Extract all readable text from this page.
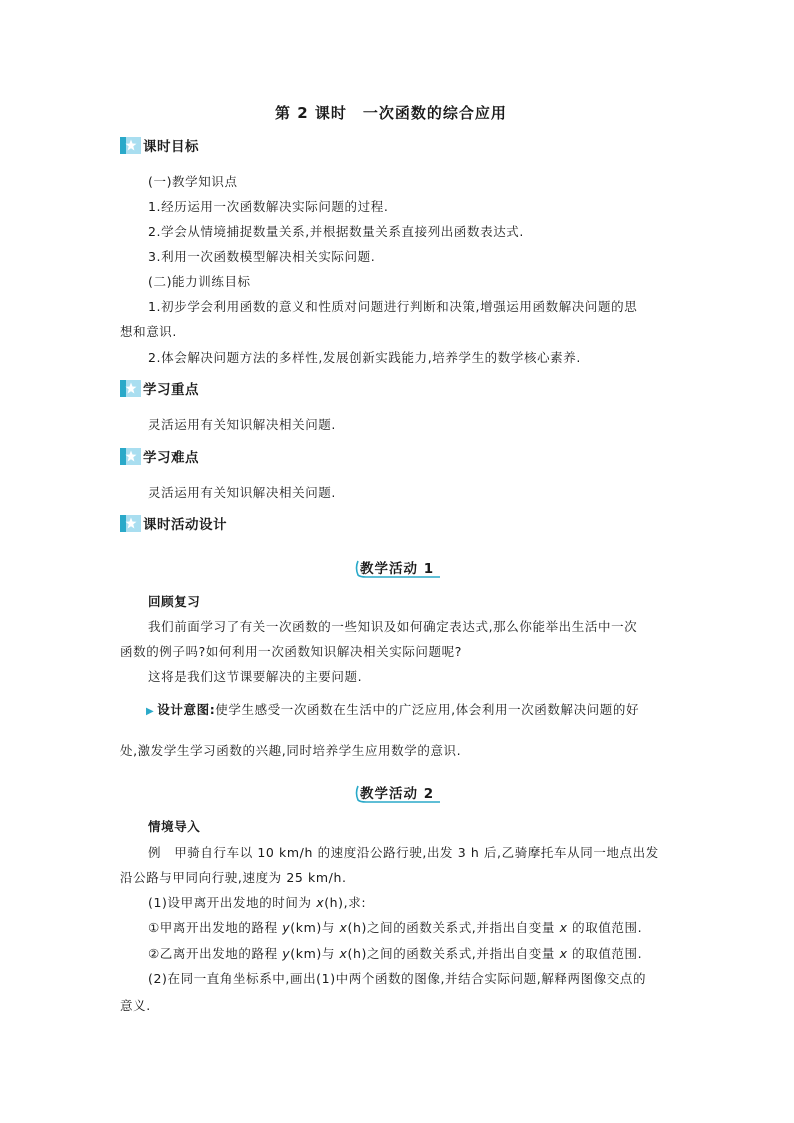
第 2 课时　一次函数的综合应用
课时目标
(一)教学知识点
1.经历运用一次函数解决实际问题的过程.
2.学会从情境捕捉数量关系,并根据数量关系直接列出函数表达式.
3.利用一次函数模型解决相关实际问题.
(二)能力训练目标
1.初步学会利用函数的意义和性质对问题进行判断和决策,增强运用函数解决问题的思
想和意识.
2.体会解决问题方法的多样性,发展创新实践能力,培养学生的数学核心素养.
学习重点
灵活运用有关知识解决相关问题.
学习难点
灵活运用有关知识解决相关问题.
课时活动设计
教学活动 1
回顾复习
我们前面学习了有关一次函数的一些知识及如何确定表达式,那么你能举出生活中一次
函数的例子吗?如何利用一次函数知识解决相关实际问题呢?
这将是我们这节课要解决的主要问题.
▶ 设计意图:使学生感受一次函数在生活中的广泛应用,体会利用一次函数解决问题的好
处,激发学生学习函数的兴趣,同时培养学生应用数学的意识.
教学活动 2
情境导入
例　甲骑自行车以 10 km/h 的速度沿公路行驶,出发 3 h 后,乙骑摩托车从同一地点出发
沿公路与甲同向行驶,速度为 25 km/h.
(1)设甲离开出发地的时间为 x(h),求:
①甲离开出发地的路程 y(km)与 x(h)之间的函数关系式,并指出自变量 x 的取值范围.
②乙离开出发地的路程 y(km)与 x(h)之间的函数关系式,并指出自变量 x 的取值范围.
(2)在同一直角坐标系中,画出(1)中两个函数的图像,并结合实际问题,解释两图像交点的
意义.
